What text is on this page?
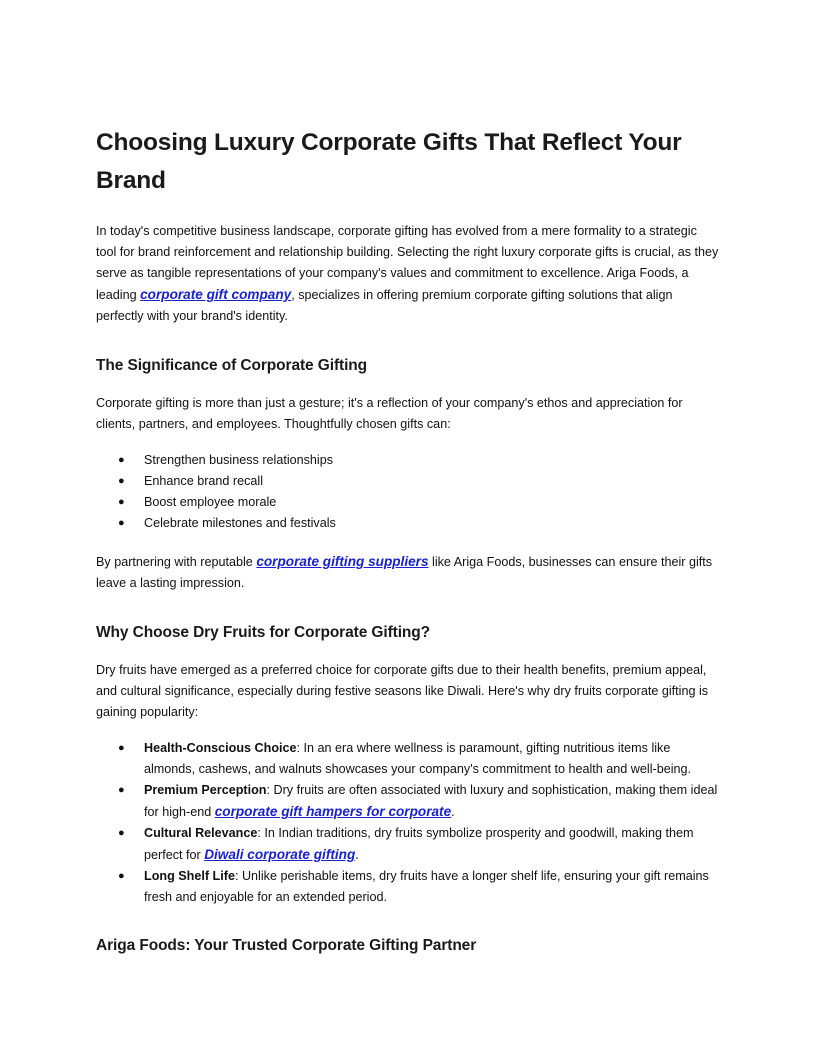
Choosing Luxury Corporate Gifts That Reflect Your Brand

In today's competitive business landscape, corporate gifting has evolved from a mere formality to a strategic tool for brand reinforcement and relationship building. Selecting the right luxury corporate gifts is crucial, as they serve as tangible representations of your company's values and commitment to excellence. Ariga Foods, a leading corporate gift company, specializes in offering premium corporate gifting solutions that align perfectly with your brand's identity.

The Significance of Corporate Gifting

Corporate gifting is more than just a gesture; it's a reflection of your company's ethos and appreciation for clients, partners, and employees. Thoughtfully chosen gifts can:

● Strengthen business relationships
● Enhance brand recall
● Boost employee morale
● Celebrate milestones and festivals

By partnering with reputable corporate gifting suppliers like Ariga Foods, businesses can ensure their gifts leave a lasting impression.

Why Choose Dry Fruits for Corporate Gifting?

Dry fruits have emerged as a preferred choice for corporate gifts due to their health benefits, premium appeal, and cultural significance, especially during festive seasons like Diwali. Here's why dry fruits corporate gifting is gaining popularity:

● Health-Conscious Choice: In an era where wellness is paramount, gifting nutritious items like almonds, cashews, and walnuts showcases your company's commitment to health and well-being.
● Premium Perception: Dry fruits are often associated with luxury and sophistication, making them ideal for high-end corporate gift hampers for corporate.
● Cultural Relevance: In Indian traditions, dry fruits symbolize prosperity and goodwill, making them perfect for Diwali corporate gifting.
● Long Shelf Life: Unlike perishable items, dry fruits have a longer shelf life, ensuring your gift remains fresh and enjoyable for an extended period.
Ariga Foods: Your Trusted Corporate Gifting Partner
